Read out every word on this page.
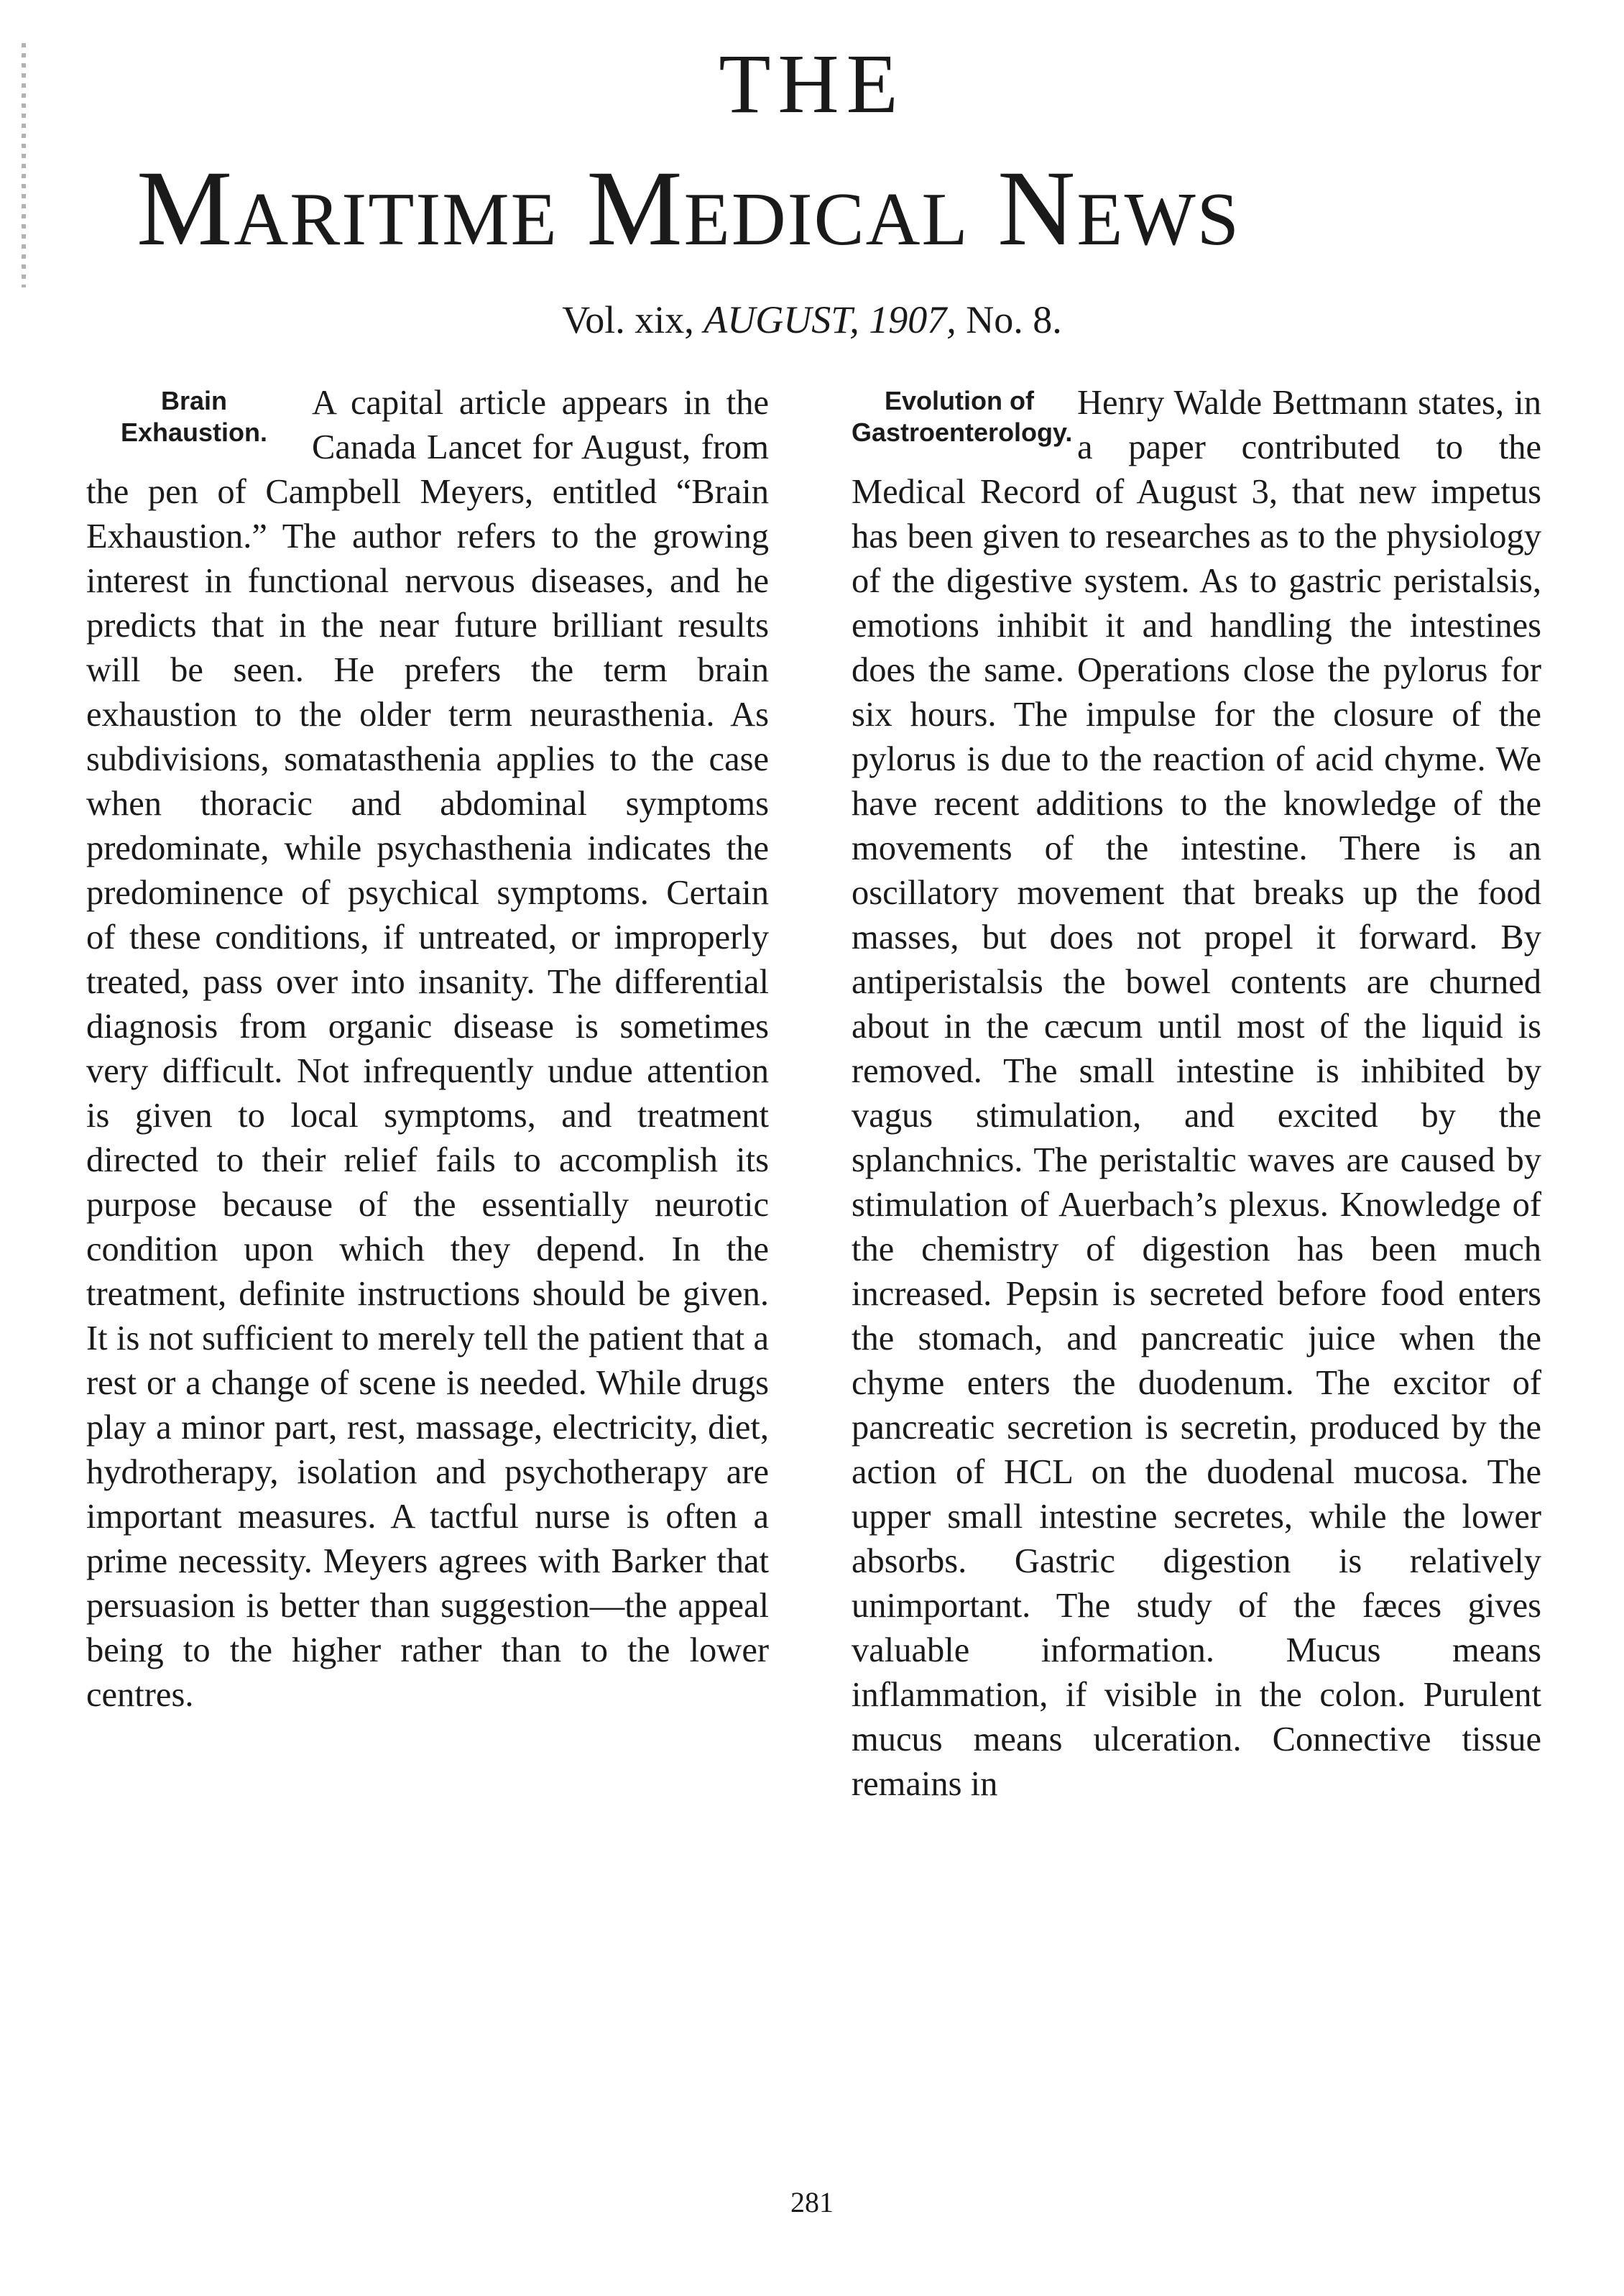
THE
Maritime Medical News
Vol. xix, AUGUST, 1907, No. 8.
Brain Exhaustion.

A capital article appears in the Canada Lancet for August, from the pen of Campbell Meyers, entitled “Brain Exhaustion.” The author refers to the growing interest in functional nervous diseases, and he predicts that in the near future brilliant results will be seen. He prefers the term brain exhaustion to the older term neurasthenia. As subdivisions, somatasthenia applies to the case when thoracic and abdominal symptoms predominate, while psychasthenia indicates the predominence of psychical symptoms. Certain of these conditions, if untreated, or improperly treated, pass over into insanity. The differential diagnosis from organic disease is sometimes very difficult. Not infrequently undue attention is given to local symptoms, and treatment directed to their relief fails to accomplish its purpose because of the essentially neurotic condition upon which they depend. In the treatment, definite instructions should be given. It is not sufficient to merely tell the patient that a rest or a change of scene is needed. While drugs play a minor part, rest, massage, electricity, diet, hydrotherapy, isolation and psychotherapy are important measures. A tactful nurse is often a prime necessity. Meyers agrees with Barker that persuasion is better than suggestion—the appeal being to the higher rather than to the lower centres.

Evolution of Gastroenterology.

Henry Walde Bettmann states, in a paper contributed to the Medical Record of August 3, that new impetus has been given to researches as to the physiology of the digestive system. As to gastric peristalsis, emotions inhibit it and handling the intestines does the same. Operations close the pylorus for six hours. The impulse for the closure of the pylorus is due to the reaction of acid chyme. We have recent additions to the knowledge of the movements of the intestine. There is an oscillatory movement that breaks up the food masses, but does not propel it forward. By antiperistalsis the bowel contents are churned about in the cæcum until most of the liquid is removed. The small intestine is inhibited by vagus stimulation, and excited by the splanchnics. The peristaltic waves are caused by stimulation of Auerbach’s plexus. Knowledge of the chemistry of digestion has been much increased. Pepsin is secreted before food enters the stomach, and pancreatic juice when the chyme enters the duodenum. The excitor of pancreatic secretion is secretin, produced by the action of HCL on the duodenal mucosa. The upper small intestine secretes, while the lower absorbs. Gastric digestion is relatively unimportant. The study of the fæces gives valuable information. Mucus means inflammation, if visible in the colon. Purulent mucus means ulceration. Connective tissue remains in

281
